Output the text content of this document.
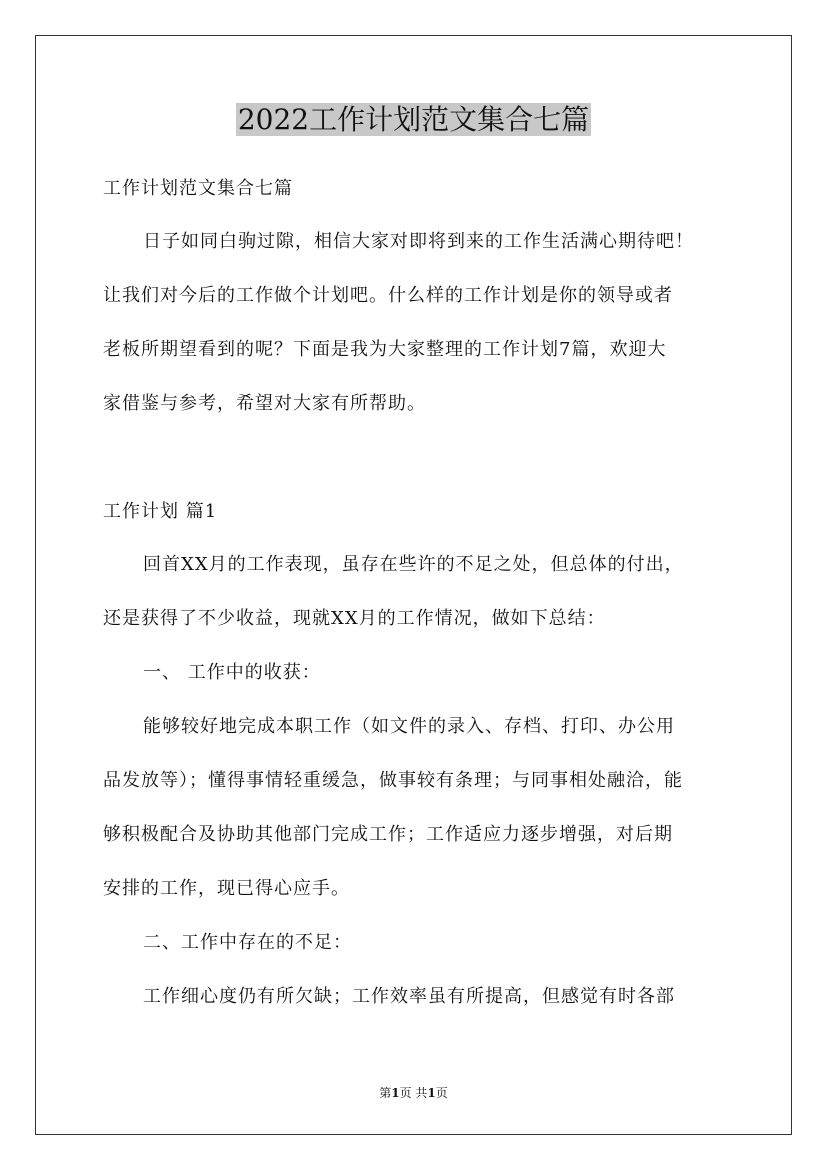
2022工作计划范文集合七篇

工作计划范文集合七篇

日子如同白驹过隙，相信大家对即将到来的工作生活满心期待吧！

让我们对今后的工作做个计划吧。什么样的工作计划是你的领导或者

老板所期望看到的呢？下面是我为大家整理的工作计划7篇，欢迎大

家借鉴与参考，希望对大家有所帮助。

工作计划 篇1

回首XX月的工作表现，虽存在些许的不足之处，但总体的付出，

还是获得了不少收益，现就XX月的工作情况，做如下总结：

一、 工作中的收获：

能够较好地完成本职工作（如文件的录入、存档、打印、办公用

品发放等）；懂得事情轻重缓急，做事较有条理；与同事相处融洽，能

够积极配合及协助其他部门完成工作；工作适应力逐步增强，对后期

安排的工作，现已得心应手。

二、工作中存在的不足：

工作细心度仍有所欠缺；工作效率虽有所提高，但感觉有时各部

第1页 共1页
